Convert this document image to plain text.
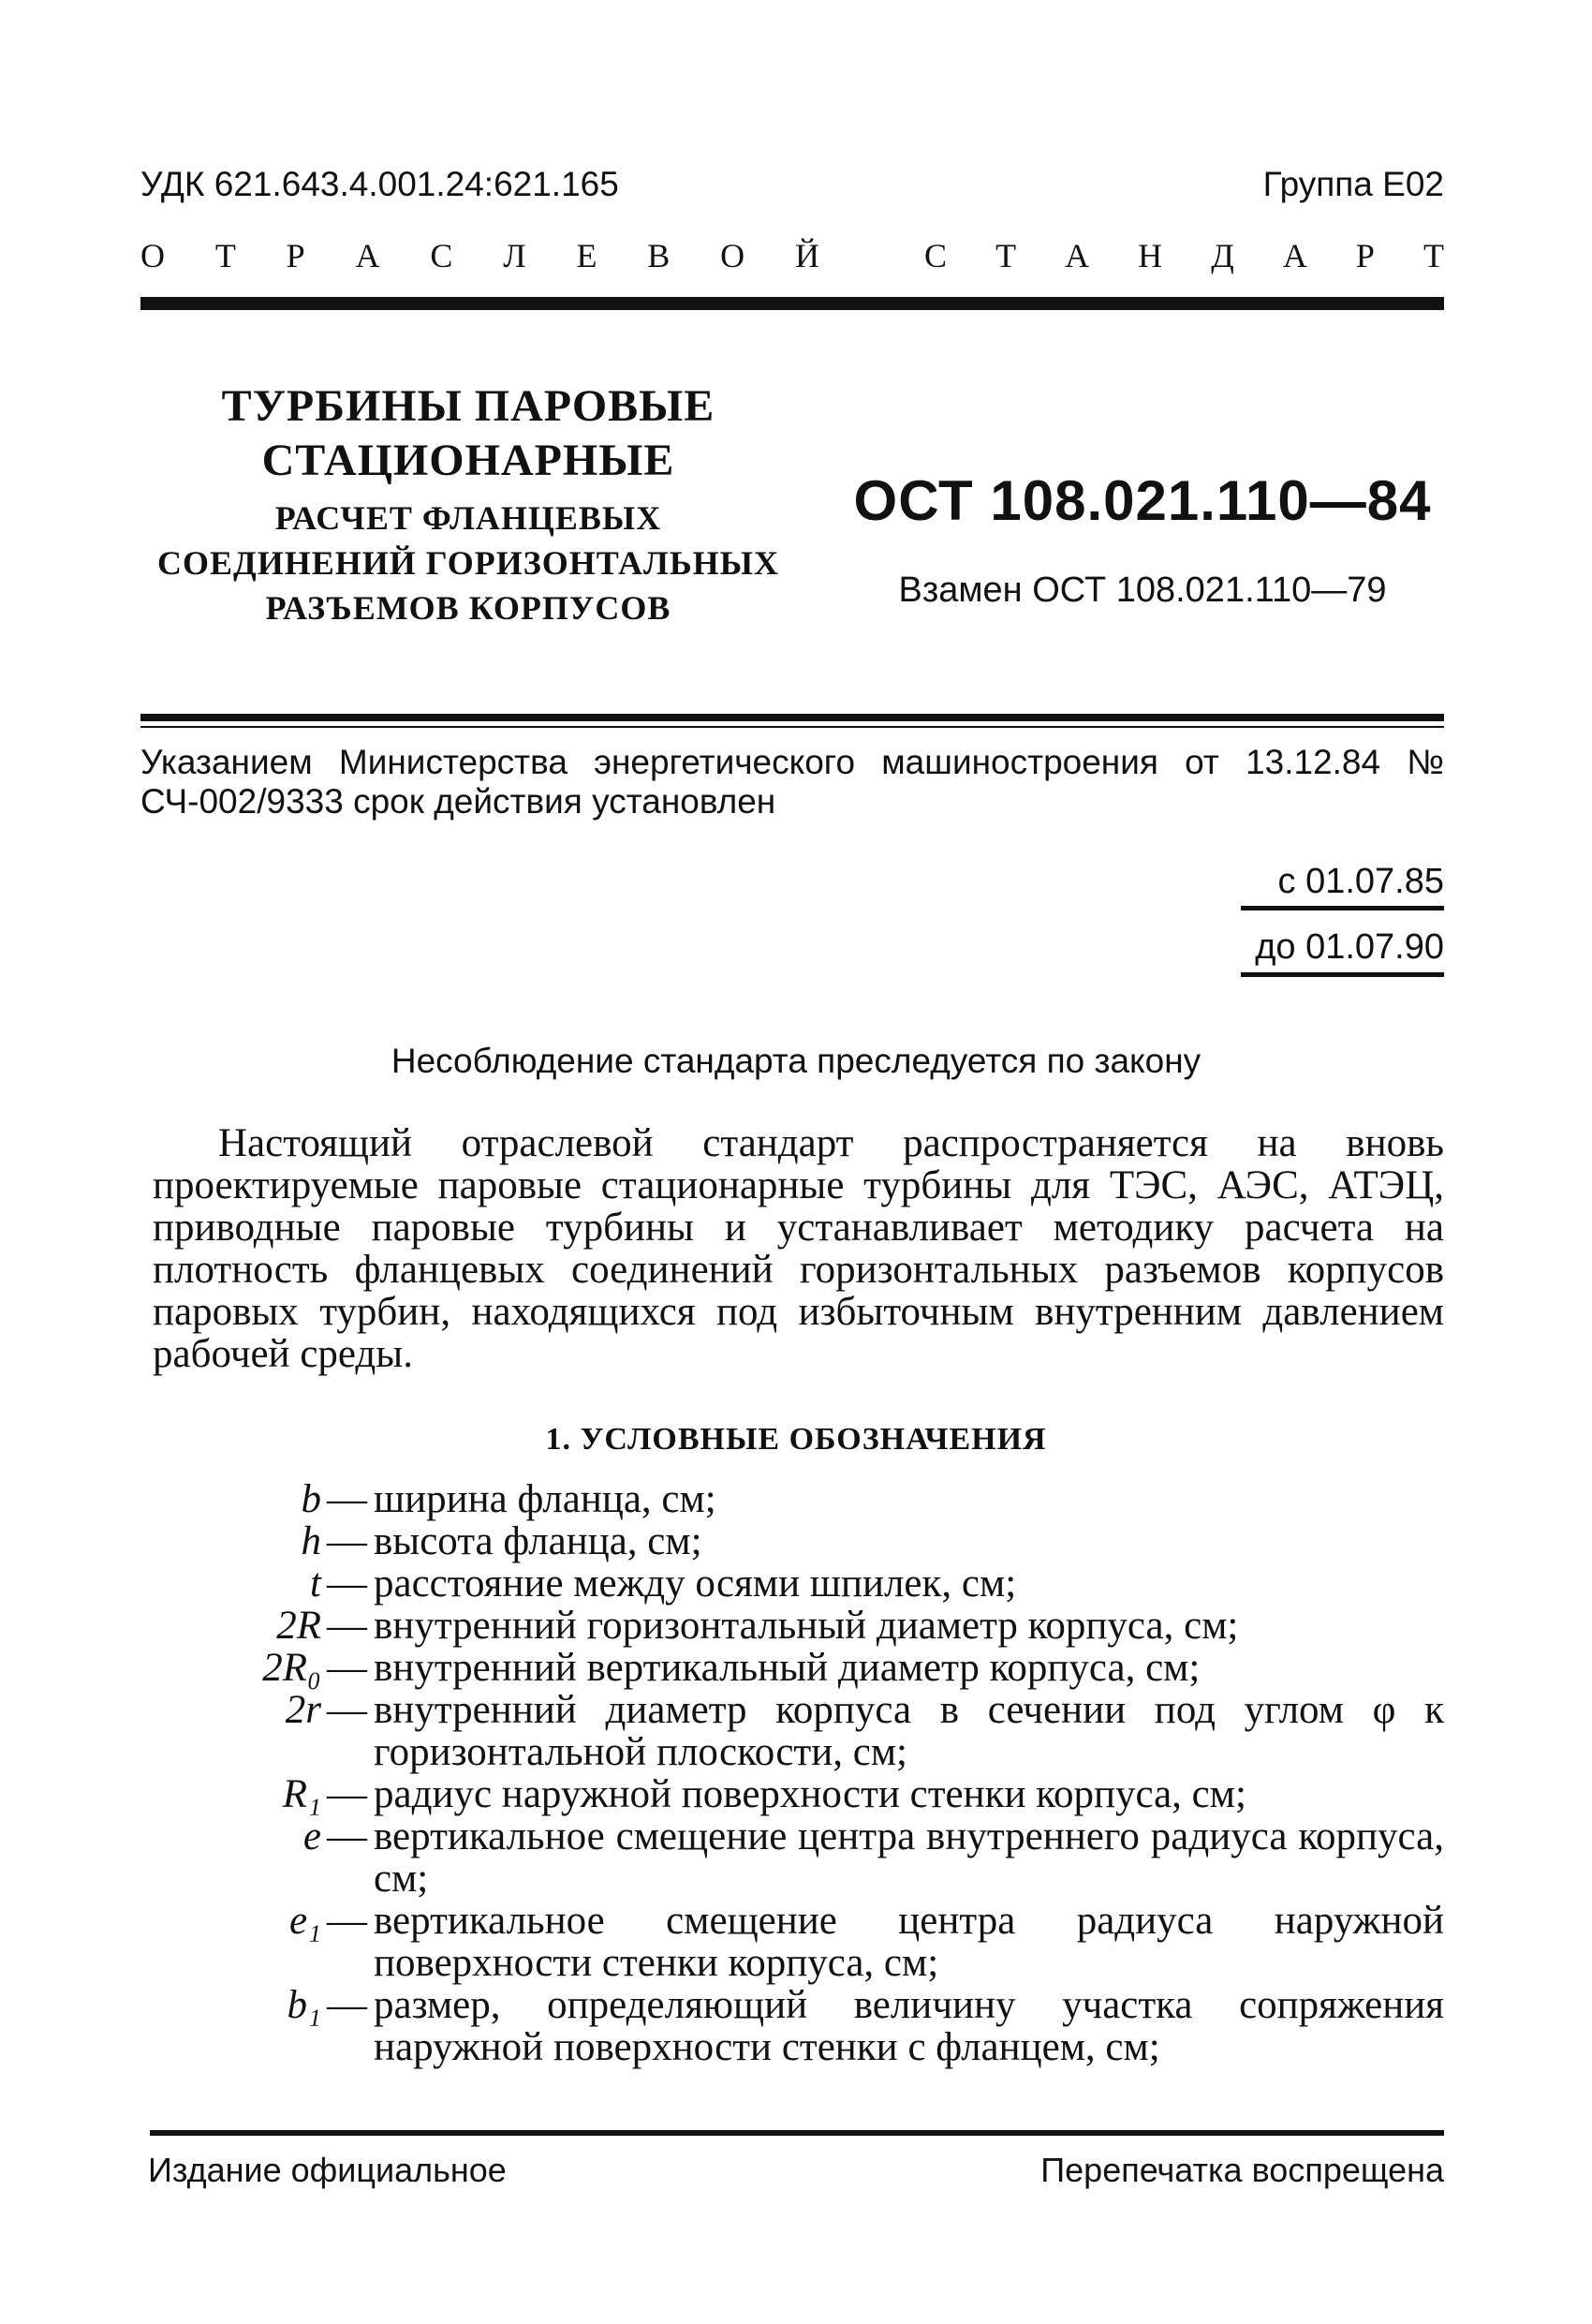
УДК 621.643.4.001.24:621.165	Группа Е02
О Т Р А С Л Е В О Й	С Т А Н Д А Р Т
ТУРБИНЫ ПАРОВЫЕ
СТАЦИОНАРНЫЕ
РАСЧЕТ ФЛАНЦЕВЫХ
СОЕДИНЕНИЙ ГОРИЗОНТАЛЬНЫХ
РАЗЪЕМОВ КОРПУСОВ
ОСТ 108.021.110—84
Взамен ОСТ 108.021.110—79
Указанием Министерства энергетического машиностроения от 13.12.84 № СЧ-002/9333 срок действия установлен
с 01.07.85
до 01.07.90
Несоблюдение стандарта преследуется по закону
Настоящий отраслевой стандарт распространяется на вновь проектируемые паровые стационарные турбины для ТЭС, АЭС, АТЭЦ, приводные паровые турбины и устанавливает методику расчета на плотность фланцевых соединений горизонтальных разъемов корпусов паровых турбин, находящихся под избыточным внутренним давлением рабочей среды.
1. УСЛОВНЫЕ ОБОЗНАЧЕНИЯ
b — ширина фланца, см;
h — высота фланца, см;
t — расстояние между осями шпилек, см;
2R — внутренний горизонтальный диаметр корпуса, см;
2R₀ — внутренний вертикальный диаметр корпуса, см;
2r — внутренний диаметр корпуса в сечении под углом φ к горизонтальной плоскости, см;
R₁ — радиус наружной поверхности стенки корпуса, см;
e — вертикальное смещение центра внутреннего радиуса корпуса, см;
e₁ — вертикальное смещение центра радиуса наружной поверхности стенки корпуса, см;
b₁ — размер, определяющий величину участка сопряжения наружной поверхности стенки с фланцем, см;
Издание официальное	Перепечатка воспрещена
